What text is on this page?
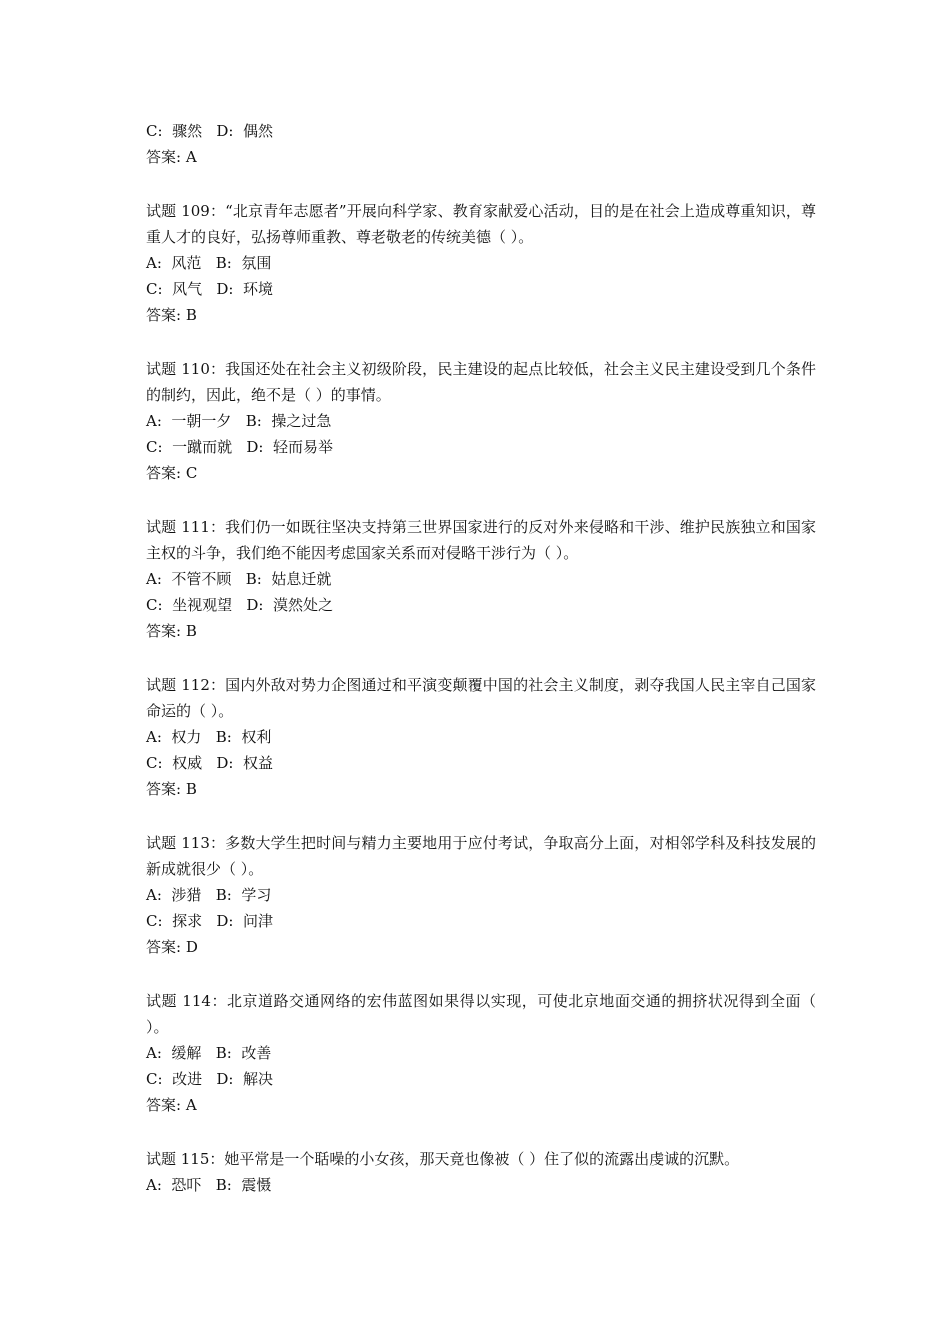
C:  骤然   D:  偶然
答案: A
试题 109：“北京青年志愿者”开展向科学家、教育家献爱心活动，目的是在社会上造成尊重知识，尊重人才的良好，弘扬尊师重教、尊老敬老的传统美德（ ）。
A:  风范   B:  氛围
C:  风气   D:  环境
答案: B
试题 110：我国还处在社会主义初级阶段，民主建设的起点比较低，社会主义民主建设受到几个条件的制约，因此，绝不是（ ）的事情。
A:  一朝一夕   B:  操之过急
C:  一蹴而就   D:  轻而易举
答案: C
试题 111：我们仍一如既往坚决支持第三世界国家进行的反对外来侵略和干涉、维护民族独立和国家主权的斗争，我们绝不能因考虑国家关系而对侵略干涉行为（ ）。
A:  不管不顾   B:  姑息迁就
C:  坐视观望   D:  漠然处之
答案: B
试题 112：国内外敌对势力企图通过和平演变颠覆中国的社会主义制度，剥夺我国人民主宰自己国家命运的（ ）。
A:  权力   B:  权利
C:  权威   D:  权益
答案: B
试题 113：多数大学生把时间与精力主要地用于应付考试，争取高分上面，对相邻学科及科技发展的新成就很少（ ）。
A:  涉猎   B:  学习
C:  探求   D:  问津
答案: D
试题 114：北京道路交通网络的宏伟蓝图如果得以实现，可使北京地面交通的拥挤状况得到全面（ ）。
A:  缓解   B:  改善
C:  改进   D:  解决
答案: A
试题 115：她平常是一个聒噪的小女孩，那天竟也像被（ ）住了似的流露出虔诚的沉默。
A:  恐吓   B:  震慑
